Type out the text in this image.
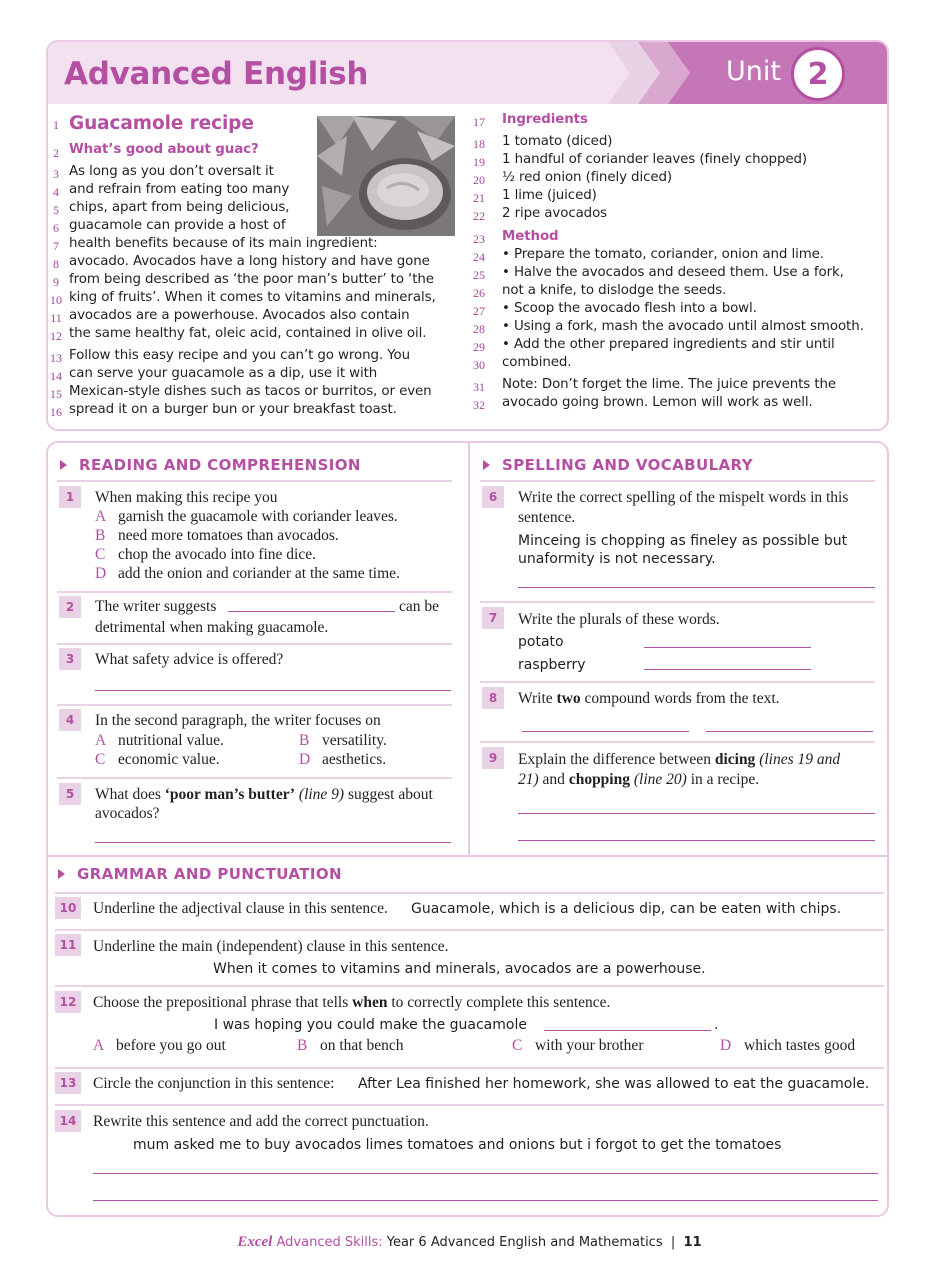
Advanced English	Unit 2
1
2
3
4
5
6
7
8
9
10
11
12
13
14
15
16
Guacamole recipe
What’s good about guac?
As long as you don’t oversalt it
and refrain from eating too many
chips, apart from being delicious,
guacamole can provide a host of
health benefits because of its main ingredient:
avocado. Avocados have a long history and have gone
from being described as ‘the poor man’s butter’ to ‘the
king of fruits’. When it comes to vitamins and minerals,
avocados are a powerhouse. Avocados also contain
the same healthy fat, oleic acid, contained in olive oil.
Follow this easy recipe and you can’t go wrong. You
can serve your guacamole as a dip, use it with
Mexican-style dishes such as tacos or burritos, or even
spread it on a burger bun or your breakfast toast.
17
18
19
20
21
22
23
24
25
26
27
28
29
30
31
32
Ingredients
1 tomato (diced)
1 handful of coriander leaves (finely chopped)
½ red onion (finely diced)
1 lime (juiced)
2 ripe avocados
Method
• Prepare the tomato, coriander, onion and lime.
• Halve the avocados and deseed them. Use a fork,
not a knife, to dislodge the seeds.
• Scoop the avocado flesh into a bowl.
• Using a fork, mash the avocado until almost smooth.
• Add the other prepared ingredients and stir until
combined.
Note: Don’t forget the lime. The juice prevents the
avocado going brown. Lemon will work as well.
READING AND COMPREHENSION	SPELLING AND VOCABULARY
GRAMMAR AND PUNCTUATION
1	When making this recipe you
A garnish the guacamole with coriander leaves.
B need more tomatoes than avocados.
C chop the avocado into fine dice.
D add the onion and coriander at the same time.
2	The writer suggests	can be
detrimental when making guacamole.
3	What safety advice is offered?
4	In the second paragraph, the writer focuses on
A nutritional value.	B versatility.
C economic value.	D aesthetics.
5	What does ‘poor man’s butter’ (line 9) suggest about
avocados?
6	Write the correct spelling of the mispelt words in this
sentence.
Minceing is chopping as fineley as possible but
unaformity is not necessary.
7	Write the plurals of these words.
potato
raspberry
8	Write two compound words from the text.
9	Explain the difference between dicing (lines 19 and
21) and chopping (line 20) in a recipe.
10	Underline the adjectival clause in this sentence. Guacamole, which is a delicious dip, can be eaten with chips.
11	Underline the main (independent) clause in this sentence.
When it comes to vitamins and minerals, avocados are a powerhouse.
12	Choose the prepositional phrase that tells when to correctly complete this sentence.
I was hoping you could make the guacamole	.
A before you go out	B on that bench	C with your brother	D which tastes good
13	Circle the conjunction in this sentence: After Lea finished her homework, she was allowed to eat the guacamole.
14	Rewrite this sentence and add the correct punctuation.
mum asked me to buy avocados limes tomatoes and onions but i forgot to get the tomatoes
Excel Advanced Skills: Year 6 Advanced English and Mathematics | 11
